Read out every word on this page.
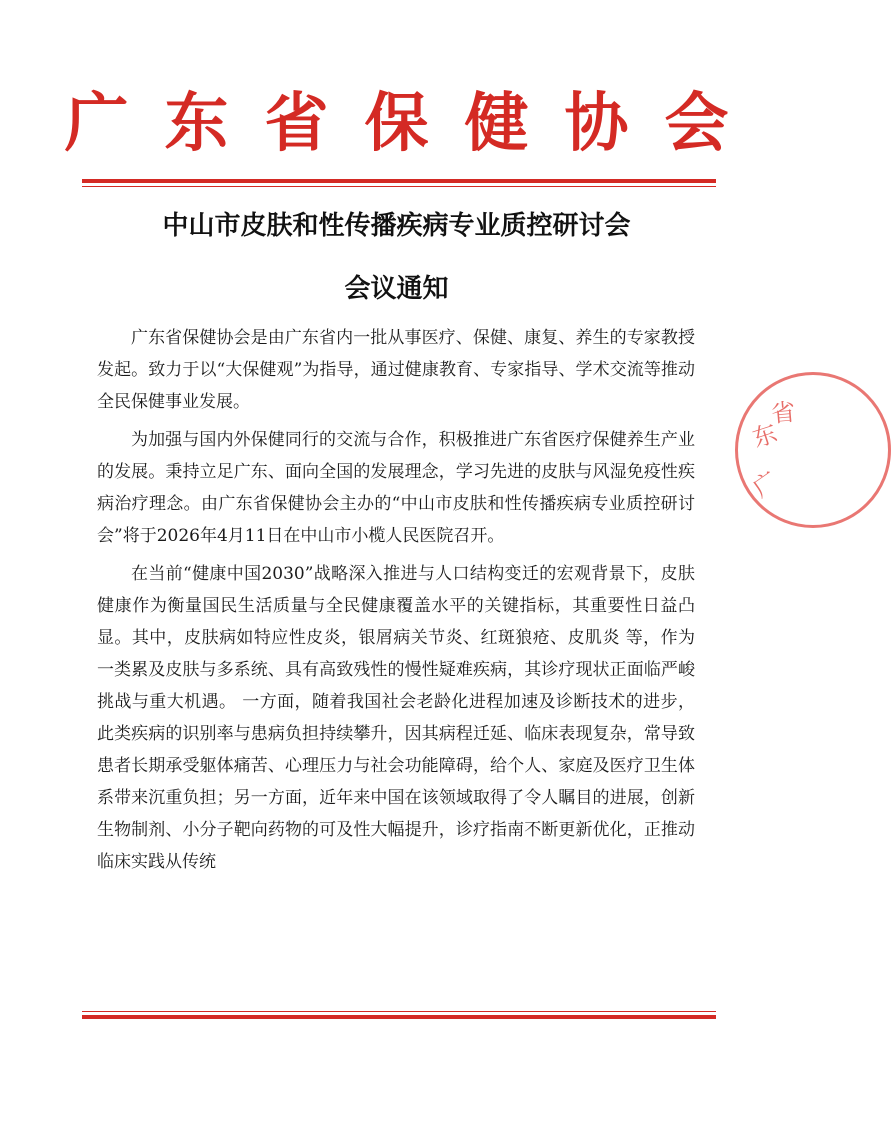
广东省保健协会
中山市皮肤和性传播疾病专业质控研讨会
会议通知

广东省保健协会是由广东省内一批从事医疗、保健、康复、养生的专家教授发起。致力于以“大保健观”为指导，通过健康教育、专家指导、学术交流等推动全民保健事业发展。

为加强与国内外保健同行的交流与合作，积极推进广东省医疗保健养生产业的发展。秉持立足广东、面向全国的发展理念，学习先进的皮肤与风湿免疫性疾病治疗理念。由广东省保健协会主办的“中山市皮肤和性传播疾病专业质控研讨会”将于2026年4月11日在中山市小榄人民医院召开。

在当前“健康中国2030”战略深入推进与人口结构变迁的宏观背景下，皮肤健康作为衡量国民生活质量与全民健康覆盖水平的关键指标，其重要性日益凸显。其中，皮肤病如特应性皮炎，银屑病关节炎、红斑狼疮、皮肌炎 等，作为一类累及皮肤与多系统、具有高致残性的慢性疑难疾病，其诊疗现状正面临严峻挑战与重大机遇。 一方面，随着我国社会老龄化进程加速及诊断技术的进步，此类疾病的识别率与患病负担持续攀升，因其病程迁延、临床表现复杂，常导致患者长期承受躯体痛苦、心理压力与社会功能障碍，给个人、家庭及医疗卫生体系带来沉重负担；另一方面，近年来中国在该领域取得了令人瞩目的进展，创新生物制剂、小分子靶向药物的可及性大幅提升，诊疗指南不断更新优化，正推动临床实践从传统

东
广
省
